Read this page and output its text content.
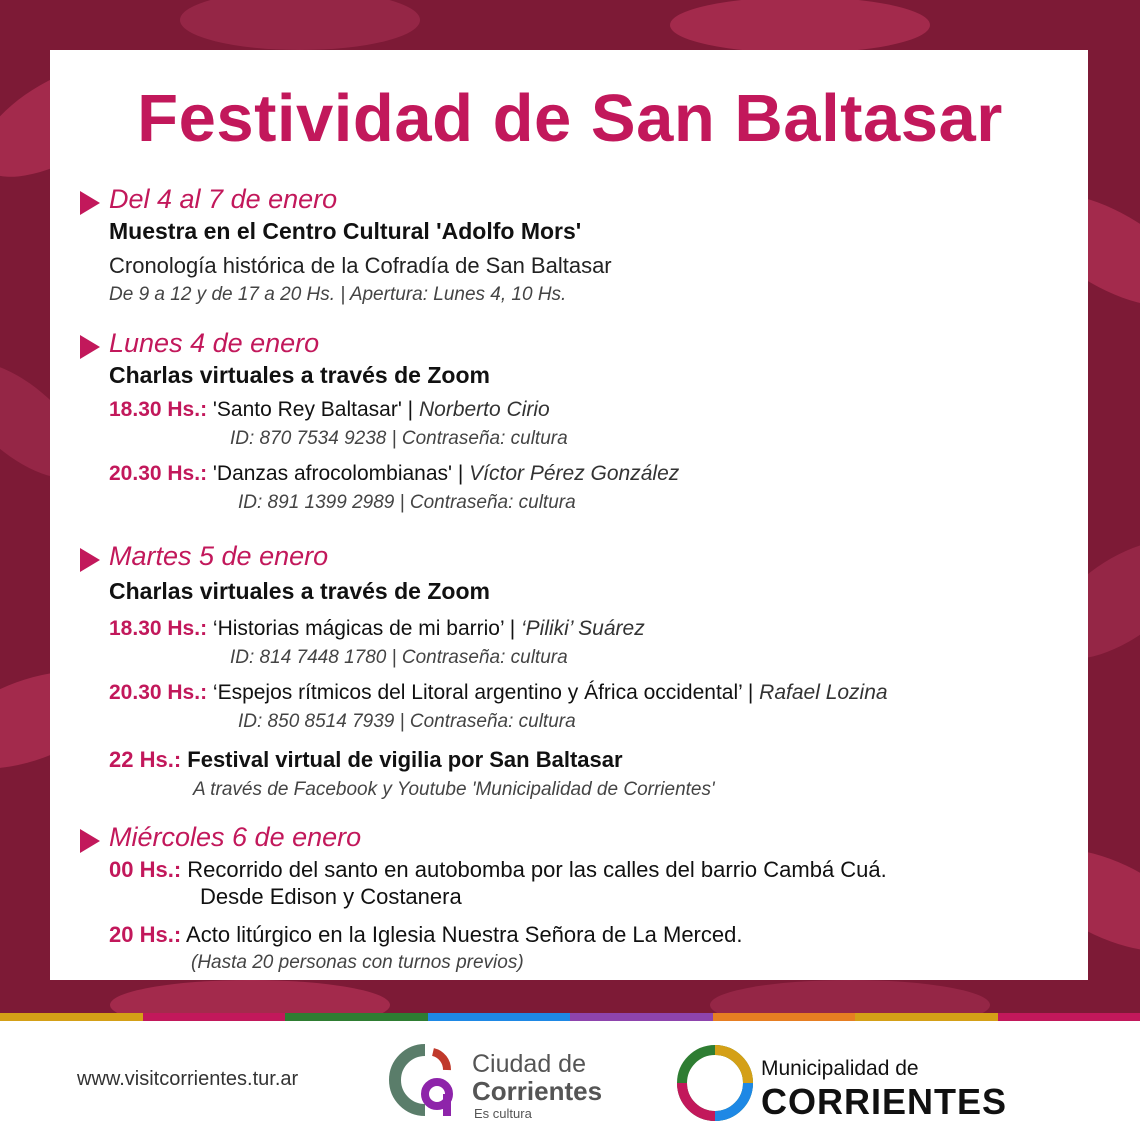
Festividad de San Baltasar
Del 4 al 7 de enero
Muestra en el Centro Cultural 'Adolfo Mors'
Cronología histórica de la Cofradía de San Baltasar
De 9 a 12 y de 17 a 20 Hs. | Apertura: Lunes 4, 10 Hs.
Lunes 4 de enero
Charlas virtuales a través de Zoom
18.30 Hs.: 'Santo Rey Baltasar' | Norberto Cirio
ID: 870 7534 9238 | Contraseña: cultura
20.30 Hs.: 'Danzas afrocolombianas' | Víctor Pérez González
ID: 891 1399 2989 | Contraseña: cultura
Martes 5 de enero
Charlas virtuales a través de Zoom
18.30 Hs.: ‘Historias mágicas de mi barrio’ | ‘Piliki’ Suárez
ID: 814 7448 1780 | Contraseña: cultura
20.30 Hs.: ‘Espejos rítmicos del Litoral argentino y África occidental’ | Rafael Lozina
ID: 850 8514 7939 | Contraseña: cultura
22 Hs.: Festival virtual de vigilia por San Baltasar
A través de Facebook y Youtube 'Municipalidad de Corrientes'
Miércoles 6 de enero
00 Hs.: Recorrido del santo en autobomba por las calles del barrio Cambá Cuá.
Desde Edison y Costanera
20 Hs.: Acto litúrgico en la Iglesia Nuestra Señora de La Merced.
(Hasta 20 personas con turnos previos)
www.visitcorrientes.tur.ar
Ciudad de
Corrientes
Es cultura
Municipalidad de
CORRIENTES
